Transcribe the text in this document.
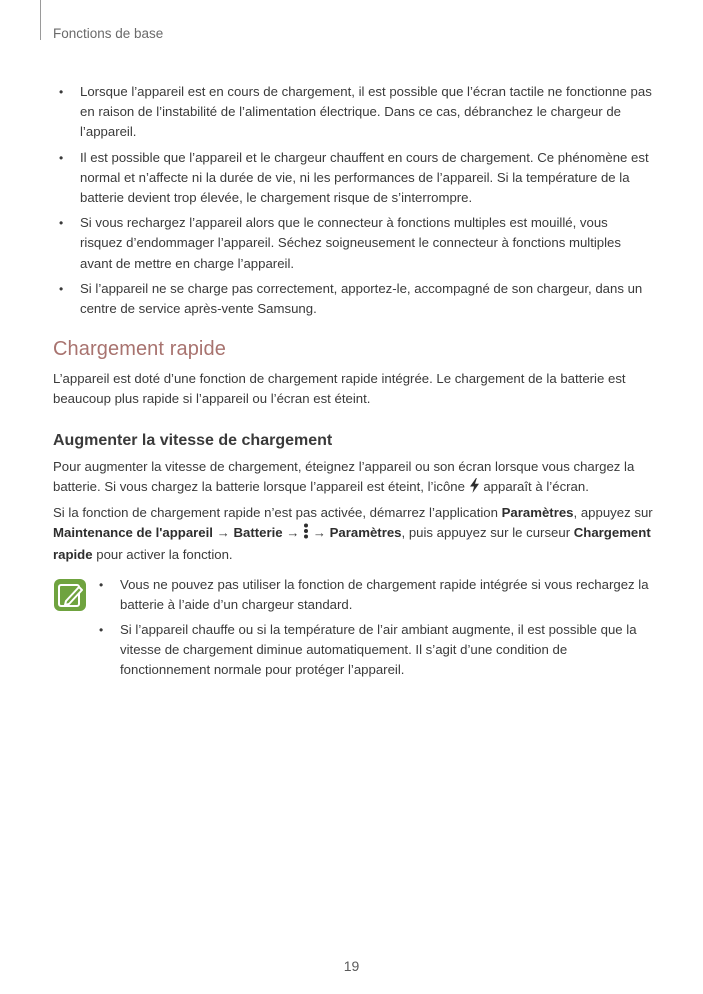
Fonctions de base
• Lorsque l’appareil est en cours de chargement, il est possible que l’écran tactile ne fonctionne pas en raison de l’instabilité de l’alimentation électrique. Dans ce cas, débranchez le chargeur de l’appareil.
• Il est possible que l’appareil et le chargeur chauffent en cours de chargement. Ce phénomène est normal et n’affecte ni la durée de vie, ni les performances de l’appareil. Si la température de la batterie devient trop élevée, le chargement risque de s’interrompre.
• Si vous rechargez l’appareil alors que le connecteur à fonctions multiples est mouillé, vous risquez d’endommager l’appareil. Séchez soigneusement le connecteur à fonctions multiples avant de mettre en charge l’appareil.
• Si l’appareil ne se charge pas correctement, apportez-le, accompagné de son chargeur, dans un centre de service après-vente Samsung.
Chargement rapide

L’appareil est doté d’une fonction de chargement rapide intégrée. Le chargement de la batterie est beaucoup plus rapide si l’appareil ou l’écran est éteint.

Augmenter la vitesse de chargement

Pour augmenter la vitesse de chargement, éteignez l’appareil ou son écran lorsque vous chargez la batterie. Si vous chargez la batterie lorsque l’appareil est éteint, l’icône  apparaît à l’écran.

Si la fonction de chargement rapide n’est pas activée, démarrez l’application Paramètres, appuyez sur Maintenance de l'appareil → Batterie →  → Paramètres, puis appuyez sur le curseur Chargement rapide pour activer la fonction.

• Vous ne pouvez pas utiliser la fonction de chargement rapide intégrée si vous rechargez la batterie à l’aide d’un chargeur standard.
• Si l’appareil chauffe ou si la température de l’air ambiant augmente, il est possible que la vitesse de chargement diminue automatiquement. Il s’agit d’une condition de fonctionnement normale pour protéger l’appareil.
19
